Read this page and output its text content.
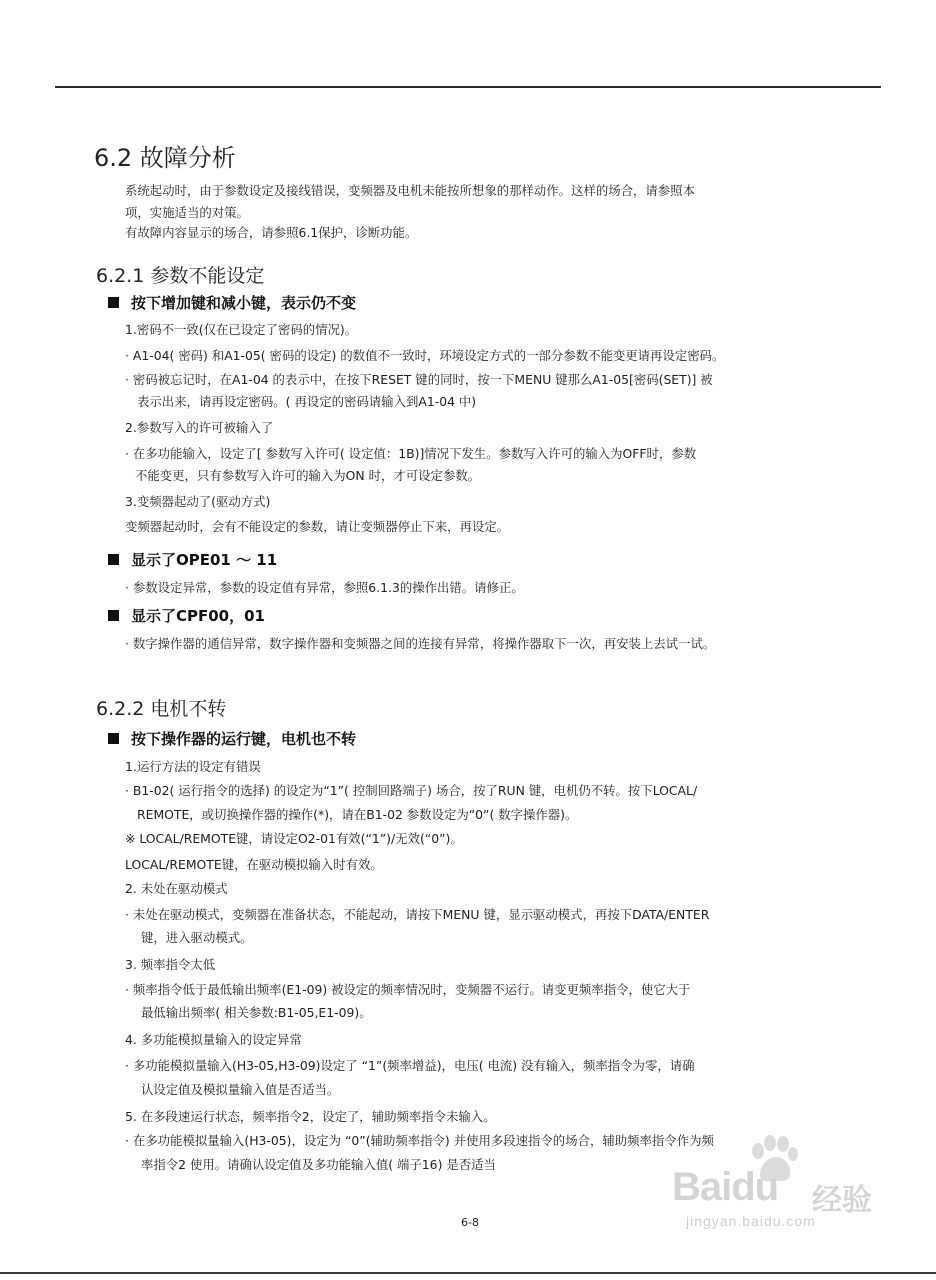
6.2 故障分析
系统起动时，由于参数设定及接线错误，变频器及电机未能按所想象的那样动作。这样的场合，请参照本
项，实施适当的对策。
有故障内容显示的场合，请参照6.1保护，诊断功能。
6.2.1 参数不能设定
按下增加键和减小键，表示仍不变
1.密码不一致(仅在已设定了密码的情况)。
· A1-04( 密码) 和A1-05( 密码的设定) 的数值不一致时，环境设定方式的一部分参数不能变更请再设定密码。
· 密码被忘记时，在A1-04 的表示中，在按下RESET 键的同时，按一下MENU 键那么A1-05[密码(SET)] 被
表示出来，请再设定密码。( 再设定的密码请输入到A1-04 中)
2.参数写入的许可被输入了
· 在多功能输入，设定了[ 参数写入许可( 设定值：1B)]情况下发生。参数写入许可的输入为OFF时，参数
不能变更，只有参数写入许可的输入为ON 时，才可设定参数。
3.变频器起动了(驱动方式)
变频器起动时，会有不能设定的参数，请让变频器停止下来，再设定。
显示了OPE01 ～ 11
· 参数设定异常，参数的设定值有异常，参照6.1.3的操作出错。请修正。
显示了CPF00，01
· 数字操作器的通信异常，数字操作器和变频器之间的连接有异常，将操作器取下一次，再安装上去试一试。
6.2.2 电机不转
按下操作器的运行键，电机也不转
1.运行方法的设定有错误
· B1-02( 运行指令的选择) 的设定为“1”( 控制回路端子) 场合，按了RUN 键，电机仍不转。按下LOCAL/
REMOTE，或切换操作器的操作(*)，请在B1-02 参数设定为“0”( 数字操作器)。
※ LOCAL/REMOTE键，请设定O2-01有效(“1”)/无效(“0”)。
LOCAL/REMOTE键，在驱动模拟输入时有效。
2. 未处在驱动模式
· 未处在驱动模式，变频器在准备状态，不能起动，请按下MENU 键，显示驱动模式，再按下DATA/ENTER
键，进入驱动模式。
3. 频率指令太低
· 频率指令低于最低输出频率(E1-09) 被设定的频率情况时，变频器不运行。请变更频率指令，使它大于
最低输出频率( 相关参数:B1-05,E1-09)。
4. 多功能模拟量输入的设定异常
· 多功能模拟量输入(H3-05,H3-09)设定了 “1”(频率增益)，电压( 电流) 没有输入，频率指令为零，请确
认设定值及模拟量输入值是否适当。
5. 在多段速运行状态，频率指令2，设定了，辅助频率指令未输入。
· 在多功能模拟量输入(H3-05)，设定为 “0”(辅助频率指令) 并使用多段速指令的场合，辅助频率指令作为频
率指令2 使用。请确认设定值及多功能输入值( 端子16) 是否适当
6-8
Baidu 经验
jingyan.baidu.com
